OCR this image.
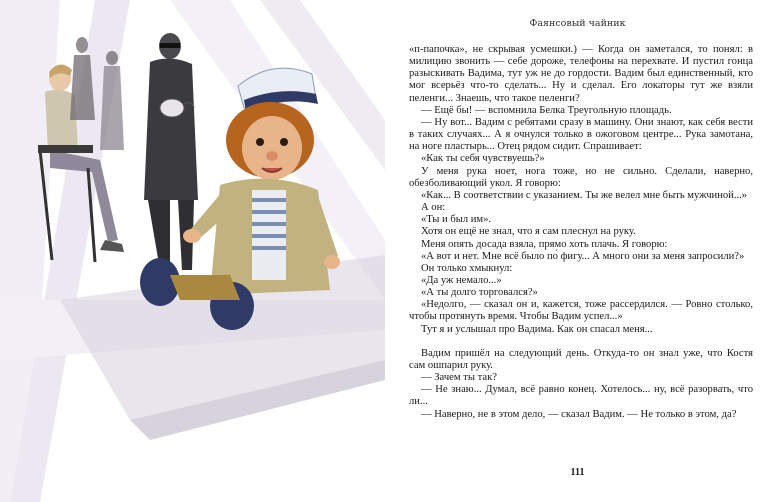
Фаянсовый чайник

«п-папочка», не скрывая усмешки.) — Когда он заметался, то понял: в милицию звонить — себе дороже, телефоны на перехвате. И пустил гонца разыскивать Вадима, тут уж не до гордости. Вадим был единственный, кто мог всерьёз что-то сделать... Ну и сделал. Его локаторы тут же взяли пеленги... Знаешь, что такое пеленги?

— Ещё бы! — вспомнила Белка Треугольную площадь.

— Ну вот... Вадим с ребятами сразу в машину. Они знают, как себя вести в таких случаях... А я очнулся только в ожоговом центре... Рука замотана, на ноге пластырь... Отец рядом сидит. Спрашивает:

«Как ты себя чувствуешь?»

У меня рука ноет, нога тоже, но не сильно. Сделали, наверно, обезболивающий укол. Я говорю:

«Как... В соответствии с указанием. Ты же велел мне быть мужчиной...»

А он:

«Ты и был им».

Хотя он ещё не знал, что я сам плеснул на руку.

Меня опять досада взяла, прямо хоть плачь. Я говорю:

«А вот и нет. Мне всё было по́ фигу... А много они за меня запросили?»

Он только хмыкнул:

«Да уж немало...»

«А ты долго торговался?»

«Недолго, — сказал он и, кажется, тоже рассердился. — Ровно столько, чтобы протянуть время. Чтобы Вадим успел...»

Тут я и услышал про Вадима. Как он спасал меня...

Вадим пришёл на следующий день. Откуда-то он знал уже, что Костя сам ошпарил руку.

— Зачем ты так?

— Не знаю... Думал, всё равно конец. Хотелось... ну, всё разорвать, что ли...

— Наверно, не в этом дело, — сказал Вадим. — Не только в этом, да?

111
